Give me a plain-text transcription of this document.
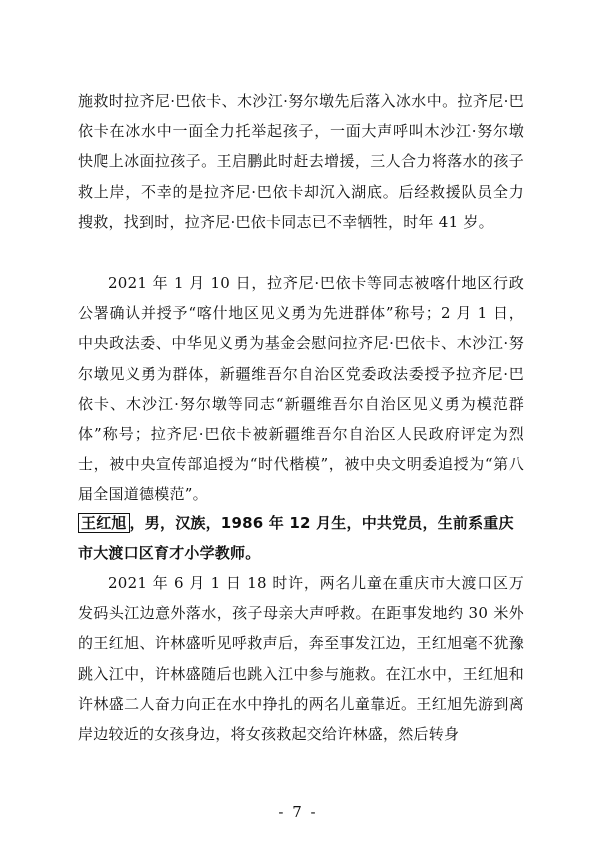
施救时拉齐尼·巴依卡、木沙江·努尔墩先后落入冰水中。拉齐尼·巴依卡在冰水中一面全力托举起孩子，一面大声呼叫木沙江·努尔墩快爬上冰面拉孩子。王启鹏此时赶去增援，三人合力将落水的孩子救上岸，不幸的是拉齐尼·巴依卡却沉入湖底。后经救援队员全力搜救，找到时，拉齐尼·巴依卡同志已不幸牺牲，时年 41 岁。

2021 年 1 月 10 日，拉齐尼·巴依卡等同志被喀什地区行政公署确认并授予“喀什地区见义勇为先进群体”称号；2 月 1 日，中央政法委、中华见义勇为基金会慰问拉齐尼·巴依卡、木沙江·努尔墩见义勇为群体，新疆维吾尔自治区党委政法委授予拉齐尼·巴依卡、木沙江·努尔墩等同志“新疆维吾尔自治区见义勇为模范群体”称号；拉齐尼·巴依卡被新疆维吾尔自治区人民政府评定为烈士，被中央宣传部追授为“时代楷模”，被中央文明委追授为“第八届全国道德模范”。

王红旭 ，男，汉族，1986 年 12 月生，中共党员，生前系重庆市大渡口区育才小学教师。

2021 年 6 月 1 日 18 时许，两名儿童在重庆市大渡口区万发码头江边意外落水，孩子母亲大声呼救。在距事发地约 30 米外的王红旭、许林盛听见呼救声后，奔至事发江边，王红旭毫不犹豫跳入江中，许林盛随后也跳入江中参与施救。在江水中，王红旭和许林盛二人奋力向正在水中挣扎的两名儿童靠近。王红旭先游到离岸边较近的女孩身边，将女孩救起交给许林盛，然后转身

- 7 -
